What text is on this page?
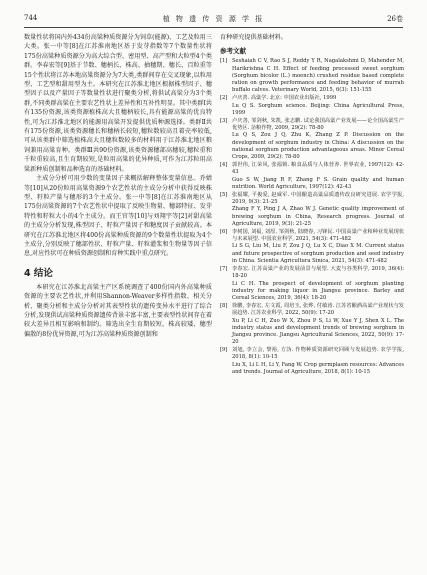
744	植 物 遗 传 资 源 学 报	26卷

数量性状将国内外434份高粱种质资源分为饲草(能源)、工艺及粒用三大类。张一中等[8]在江苏淮南地区基于发芽指数等7个数量性状将175份高粱种质资源分为高大综合型、密用型、高产型和大粒型4个类群。李春宏等[9]基于节数、穗柄长、株高、抽穗期、穗长、百粒重等15个性状将江苏本地高粱资源分为7大类,类群间存在交叉现象,以粒用型、工艺型和甜用型为主。本研究在江苏淮北地区根据株型因子、穗型因子以及产量因子等数量性状进行聚类分析,将供试高粱分为3个类群,不同类群高粱在主要农艺性状上差异性和互补性明显。其中类群Ⅰ共有135份资源,该类资源植株高大且穗柄较长,具有能源高粱的优良特性,可为江苏淮北地区的能源用高粱开发提供优质种源选择。类群Ⅱ共有175份资源,该类资源穗长和穗柄长较短,穗粒数较高且着壳率较低,可从该类群中筛选植株高大且穗粒数较多的材料用于江苏淮北地区粮饲兼用高粱育种。类群Ⅲ共90份资源,该类资源穗部高穗较,穗粒重和千粒重较高,且生育期较短,是粒用高粱的优异种质,可作为江苏粒用高粱新种质创制和品种选育的基础材料。

主成分分析可用少数的变量因子来概括解释整体变量信息。乔婧等[10]从20份粒用高粱资源9个农艺性状的主成分分析中获得反映株型、籽粒产量与穗形的3个主成分。张一中等[8]在江苏淮南地区从175份高粱资源的7个农艺性状中提取了反映生物量、穗部特征、发芽特性和籽粒大小的4个主成分。而王官等[10]与刘翔宇等[2]对甜高粱的主成分分析发现,株型因子、籽粒产量因子和糖度因子贡献较高。本研究在江苏淮北地区将400份高粱种质资源的9个数量性状提取为4个主成分,分别反映了穗部性状、籽粒产量、籽粒灌浆和生物量等因子信息,对应性状可在种质资源创制和育种实践中重点研究。

4 结论

本研究在江苏淮北高粱主产区系统调查了400份国内外高粱种质资源的主要农艺性状,并利用Shannon-Weaver多样性指数、相关分析、聚类分析和主成分分析对其表型性状的遗传变异水平进行了综合分析,发现供试高粱种质资源遗传背景丰富丰富,主要表型性状间存在着较大差异且相互影响和制约。筛选出全生育期较短、株高较矮、穗型偏散的8份优异资源,可为江苏高粱种质资源创制和

育种研究提供基础材料。

参考文献
[1] Seshaiah C V, Rao S J, Reddy Y R, Nagalakshmi D, Mahender M, Harikrishna C H. Effect of feeding processed sweet sorghum (Sorghum bicolor (L.) moench) crushed residue based complete ration on growth performance and feeding behavior of murrah buffalo calves. Veterinary World, 2015, 6(3): 151-155
[2] 卢庆善. 高粱学. 北京: 中国农业出版社, 1999
Lu Q S. Sorghum science. Beijing: China Agricultural Press, 1999
[3] 卢庆善, 邹剑秋, 朱凯, 张志鹏. 试论我国高粱产业发展——论全国高粱生产优势区. 杂粮作物, 2009, 29(2): 78-80
Lu Q S, Zou J Q, Zhu K, Zhang Z P. Discussion on the development of sorghum industry in China: A discussion on the national sorghum production advantageous areas. Minor Cereal Crops, 2009, 29(2): 78-80
[4] 郭世伟, 江荣风, 张福锁. 粮食品质与人体营养. 世界农业, 1997(12): 42-43
Guo S W, Jiang R F, Zhang F S. Grain quality and human nutrition. World Agriculture, 1997(12): 42-43
[5] 张福耀, 平俊爱, 赵威军. 中国酿造高粱品质遗传改良研究进展. 农学学报, 2019, 9(3): 21-25
Zhang F Y, Ping J A, Zhao W J. Genetic quality improvement of brewing sorghum in China, Research progress. Journal of Agriculture, 2019, 9(3): 21-25
[6] 李树国, 刘福, 刘厚, 邹剑秋, 陆晓春, 习锋民. 中国高粱产业和种业发展现状与未来展望. 中国农业科学, 2021, 54(3): 471-482
Li S G, Liu M, Liu F, Zou J Q, Lu X C, Diao X M. Current status and future prospective of sorghum production and seed industry in China. Scientia Agricultura Sinica, 2021, 54(3): 471-482
[7] 李春宏. 江苏高粱产业的发展前景与展望. 大麦与谷类科学, 2019, 36(4): 18-20
Li C H. The prospect of development of sorghum planting industry for making liquor in Jiangsu province. Barley and Cereal Sciences, 2019, 36(4): 18-20
[8] 徐鹏, 李春宏, 左文霞, 周培玉, 张烨, 付敏涛. 江苏省酿酒高粱产业现状与发展趋势. 江苏农业科学, 2022, 50(9): 17-20
Xu P, Li C H, Zuo W X, Zhou P S, Li W, Xue Y J, Shen X L. The industry status and development trends of brewing sorghum in Jiangsu province. Jiangsu Agricultural Sciences, 2022, 50(9): 17-20
[9] 刘旭, 李立会, 黎裕, 方沩. 作物种质资源研究回顾与发展趋势. 农学学报, 2018, 8(1): 10-15
Liu X, Li L H, Li Y, Fang W. Crop germplasm resources: Advances and trends. Journal of Agriculture, 2018, 8(1): 10-15
